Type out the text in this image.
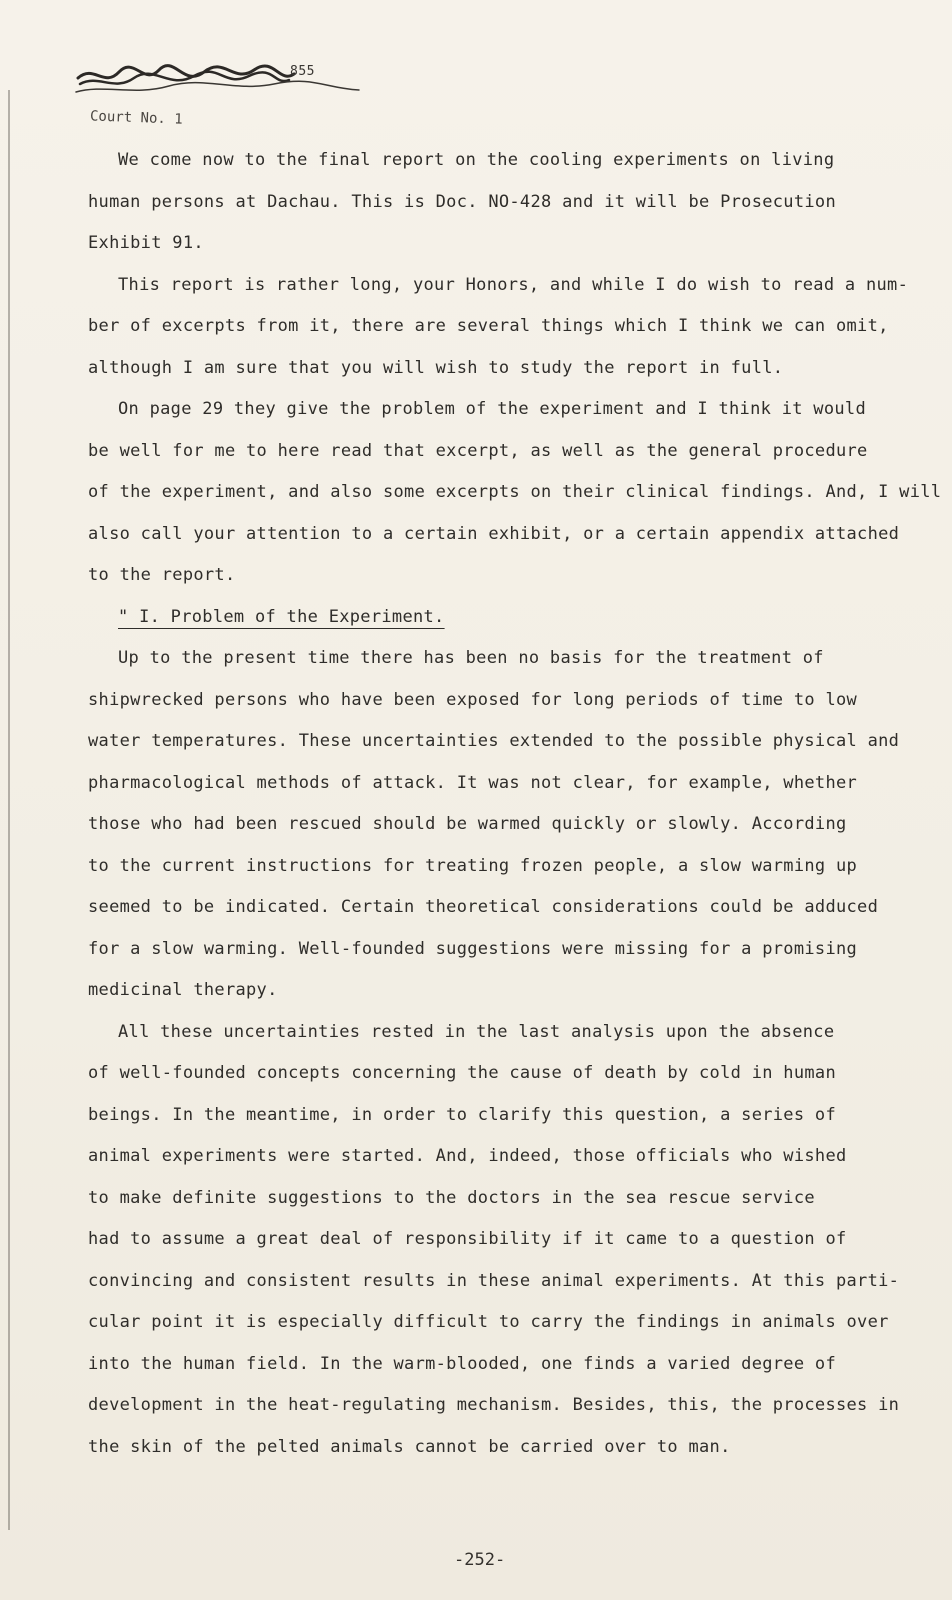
855
Court No. 1
We come now to the final report on the cooling experiments on living
human persons at Dachau. This is Doc. NO-428 and it will be Prosecution
Exhibit 91.
This report is rather long, your Honors, and while I do wish to read a num-
ber of excerpts from it, there are several things which I think we can omit,
although I am sure that you will wish to study the report in full.
On page 29 they give the problem of the experiment and I think it would
be well for me to here read that excerpt, as well as the general procedure
of the experiment, and also some excerpts on their clinical findings. And, I will
also call your attention to a certain exhibit, or a certain appendix attached
to the report.
" I. Problem of the Experiment.
Up to the present time there has been no basis for the treatment of
shipwrecked persons who have been exposed for long periods of time to low
water temperatures. These uncertainties extended to the possible physical and
pharmacological methods of attack. It was not clear, for example, whether
those who had been rescued should be warmed quickly or slowly. According
to the current instructions for treating frozen people, a slow warming up
seemed to be indicated. Certain theoretical considerations could be adduced
for a slow warming. Well-founded suggestions were missing for a promising
medicinal therapy.
All these uncertainties rested in the last analysis upon the absence
of well-founded concepts concerning the cause of death by cold in human
beings. In the meantime, in order to clarify this question, a series of
animal experiments were started. And, indeed, those officials who wished
to make definite suggestions to the doctors in the sea rescue service
had to assume a great deal of responsibility if it came to a question of
convincing and consistent results in these animal experiments. At this parti-
cular point it is especially difficult to carry the findings in animals over
into the human field. In the warm-blooded, one finds a varied degree of
development in the heat-regulating mechanism. Besides, this, the processes in
the skin of the pelted animals cannot be carried over to man.
-252-
